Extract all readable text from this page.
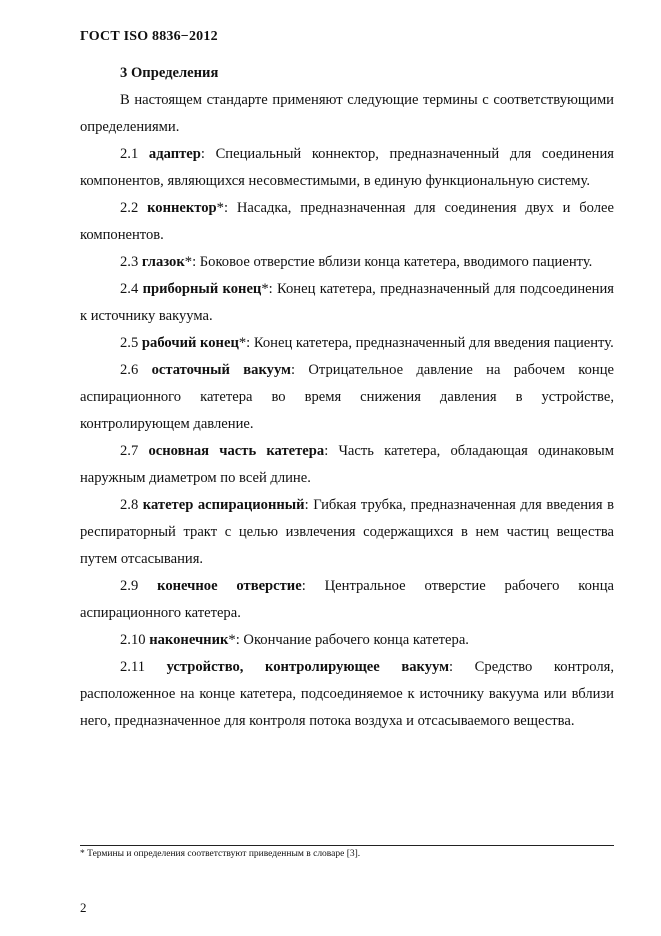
ГОСТ ISO 8836−2012

3 Определения

В настоящем стандарте применяют следующие термины с соответствующими определениями.

2.1 адаптер: Специальный коннектор, предназначенный для соединения компонентов, являющихся несовместимыми, в единую функциональную систему.

2.2 коннектор*: Насадка, предназначенная для соединения двух и более компонентов.

2.3 глазок*: Боковое отверстие вблизи конца катетера, вводимого пациенту.

2.4 приборный конец*: Конец катетера, предназначенный для подсоединения к источнику вакуума.

2.5 рабочий конец*: Конец катетера, предназначенный для введения пациенту.

2.6 остаточный вакуум: Отрицательное давление на рабочем конце аспирационного катетера во время снижения давления в устройстве, контролирующем давление.

2.7 основная часть катетера: Часть катетера, обладающая одинаковым наружным диаметром по всей длине.

2.8 катетер аспирационный: Гибкая трубка, предназначенная для введения в респираторный тракт с целью извлечения содержащихся в нем частиц вещества путем отсасывания.

2.9 конечное отверстие: Центральное отверстие рабочего конца аспирационного катетера.

2.10 наконечник*: Окончание рабочего конца катетера.

2.11 устройство, контролирующее вакуум: Средство контроля, расположенное на конце катетера, подсоединяемое к источнику вакуума или вблизи него, предназначенное для контроля потока воздуха и отсасываемого вещества.

* Термины и определения соответствуют приведенным в словаре [3].
2
